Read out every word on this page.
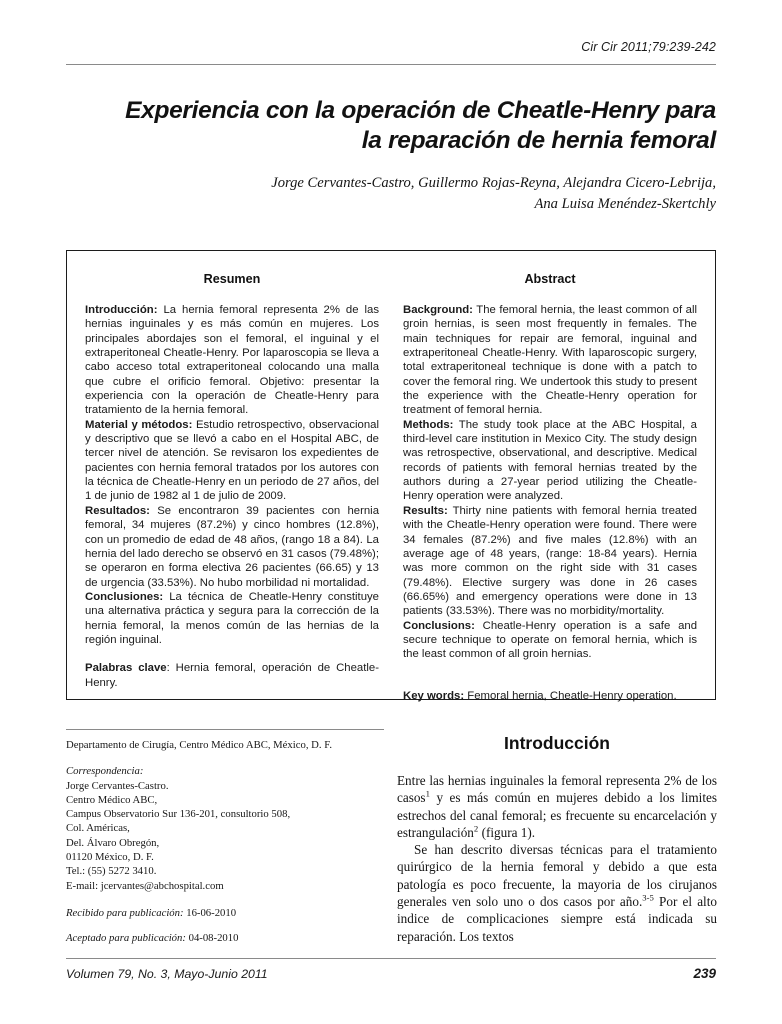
Cir Cir 2011;79:239-242
Experiencia con la operación de Cheatle-Henry para
la reparación de hernia femoral
Jorge Cervantes-Castro, Guillermo Rojas-Reyna, Alejandra Cicero-Lebrija,
Ana Luisa Menéndez-Skertchly
Resumen

Introducción: La hernia femoral representa 2% de las hernias inguinales y es más común en mujeres. Los principales abordajes son el femoral, el inguinal y el extraperitoneal Cheatle-Henry. Por laparoscopia se lleva a cabo acceso total extraperitoneal colocando una malla que cubre el orificio femoral. Objetivo: presentar la experiencia con la operación de Cheatle-Henry para tratamiento de la hernia femoral.

Material y métodos: Estudio retrospectivo, observacional y descriptivo que se llevó a cabo en el Hospital ABC, de tercer nivel de atención. Se revisaron los expedientes de pacientes con hernia femoral tratados por los autores con la técnica de Cheatle-Henry en un periodo de 27 años, del 1 de junio de 1982 al 1 de julio de 2009.

Resultados: Se encontraron 39 pacientes con hernia femoral, 34 mujeres (87.2%) y cinco hombres (12.8%), con un promedio de edad de 48 años, (rango 18 a 84). La hernia del lado derecho se observó en 31 casos (79.48%); se operaron en forma electiva 26 pacientes (66.65) y 13 de urgencia (33.53%). No hubo morbilidad ni mortalidad.

Conclusiones: La técnica de Cheatle-Henry constituye una alternativa práctica y segura para la corrección de la hernia femoral, la menos común de las hernias de la región inguinal.

Palabras clave: Hernia femoral, operación de Cheatle-Henry.

Abstract

Background: The femoral hernia, the least common of all groin hernias, is seen most frequently in females. The main techniques for repair are femoral, inguinal and extraperitoneal Cheatle-Henry. With laparoscopic surgery, total extraperitoneal technique is done with a patch to cover the femoral ring. We undertook this study to present the experience with the Cheatle-Henry operation for treatment of femoral hernia.

Methods: The study took place at the ABC Hospital, a third-level care institution in Mexico City. The study design was retrospective, observational, and descriptive. Medical records of patients with femoral hernias treated by the authors during a 27-year period utilizing the Cheatle-Henry operation were analyzed.

Results: Thirty nine patients with femoral hernia treated with the Cheatle-Henry operation were found. There were 34 females (87.2%) and five males (12.8%) with an average age of 48 years, (range: 18-84 years). Hernia was more common on the right side with 31 cases (79.48%). Elective surgery was done in 26 cases (66.65%) and emergency operations were done in 13 patients (33.53%). There was no morbidity/mortality.

Conclusions: Cheatle-Henry operation is a safe and secure technique to operate on femoral hernia, which is the least common of all groin hernias.

Key words: Femoral hernia, Cheatle-Henry operation.

Departamento de Cirugía, Centro Médico ABC, México, D. F.

Correspondencia:

Jorge Cervantes-Castro.

Centro Médico ABC,

Campus Observatorio Sur 136-201, consultorio 508,

Col. Américas,

Del. Álvaro Obregón,

01120 México, D. F.

Tel.: (55) 5272 3410.

E-mail: jcervantes@abchospital.com

Recibido para publicación: 16-06-2010

Aceptado para publicación: 04-08-2010

Introducción

Entre las hernias inguinales la femoral representa 2% de los casos$^1$ y es más común en mujeres debido a los limites estrechos del canal femoral; es frecuente su encarcelación y estrangulación$^2$ (figura 1).

Se han descrito diversas técnicas para el tratamiento quirúrgico de la hernia femoral y debido a que esta patología es poco frecuente, la mayoria de los cirujanos generales ven solo uno o dos casos por año.$^{3-5}$ Por el alto indice de complicaciones siempre está indicada su reparación. Los textos

Volumen 79, No. 3, Mayo-Junio 2011	239
